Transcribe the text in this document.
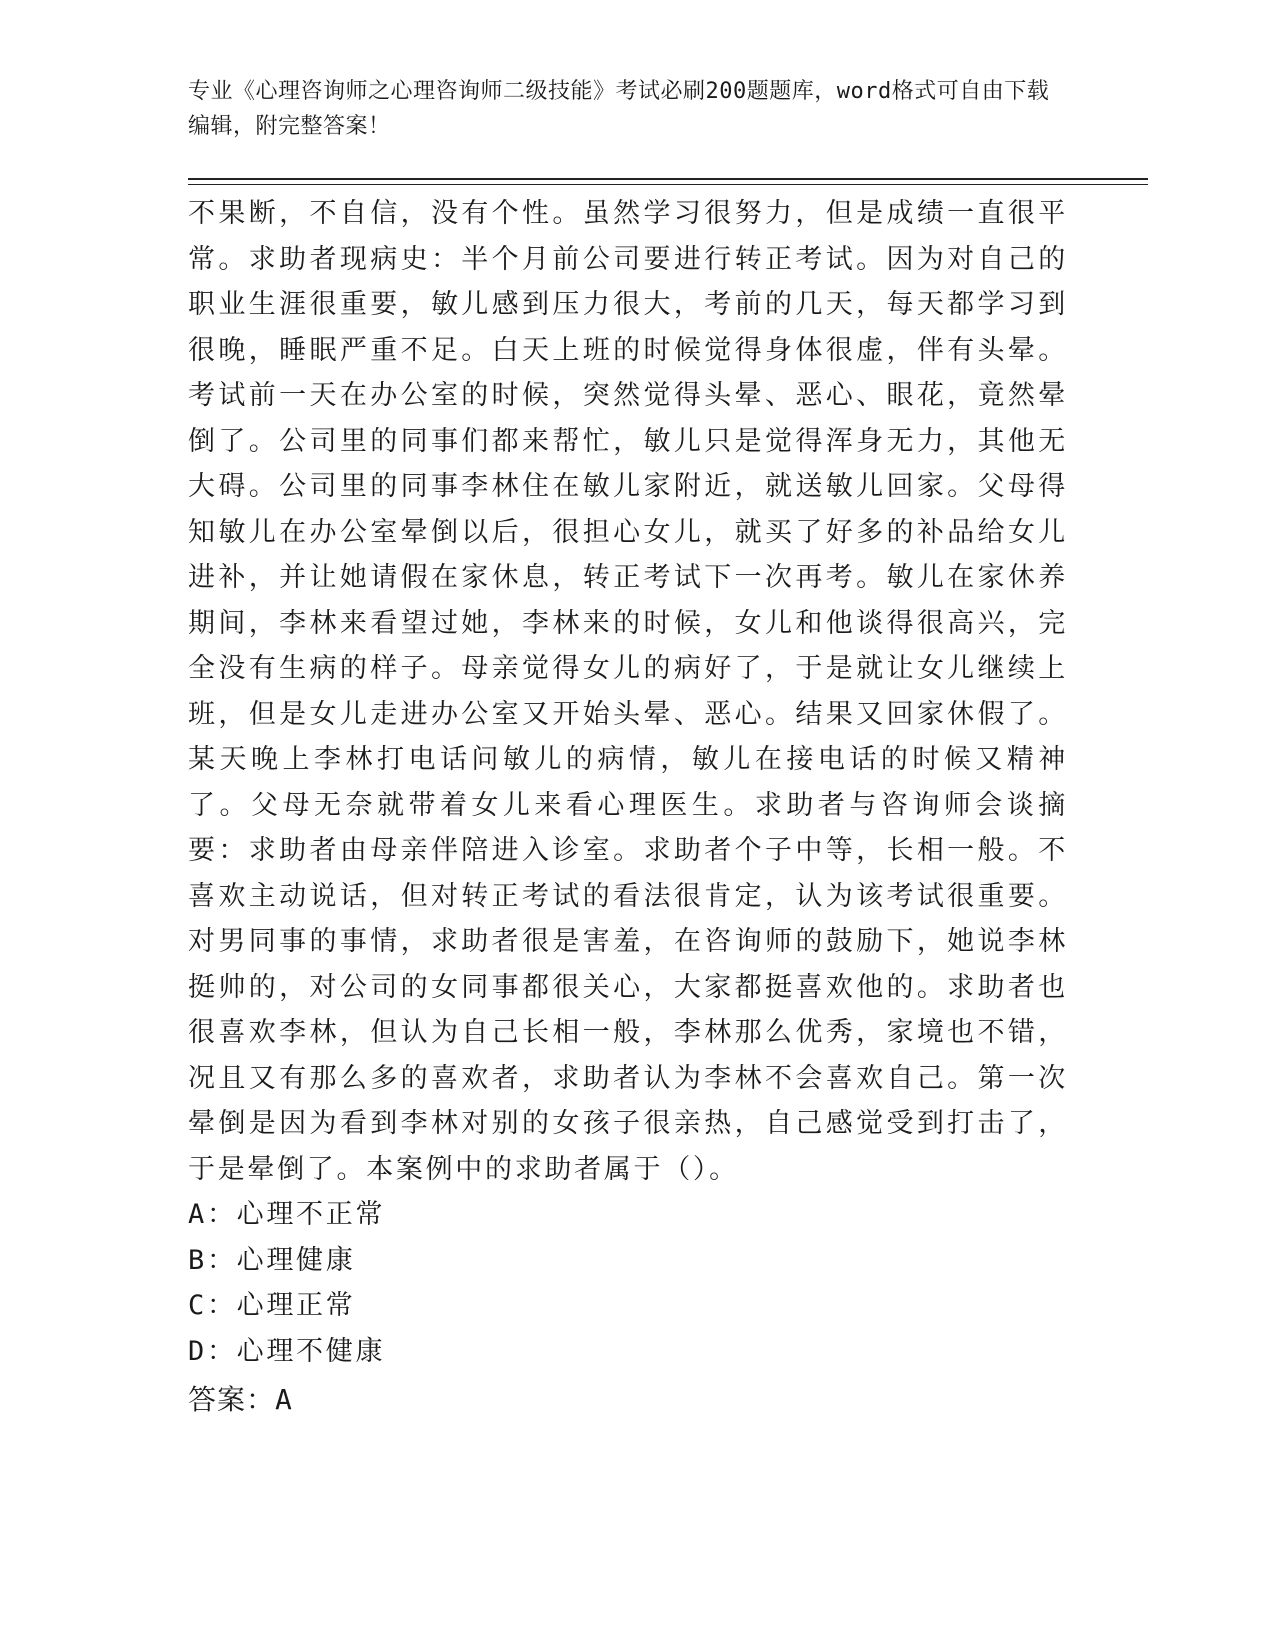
专业《心理咨询师之心理咨询师二级技能》考试必刷200题题库，word格式可自由下载编辑，附完整答案！
不果断，不自信，没有个性。虽然学习很努力，但是成绩一直很平常。求助者现病史：半个月前公司要进行转正考试。因为对自己的职业生涯很重要，敏儿感到压力很大，考前的几天，每天都学习到很晚，睡眠严重不足。白天上班的时候觉得身体很虚，伴有头晕。考试前一天在办公室的时候，突然觉得头晕、恶心、眼花，竟然晕倒了。公司里的同事们都来帮忙，敏儿只是觉得浑身无力，其他无大碍。公司里的同事李林住在敏儿家附近，就送敏儿回家。父母得知敏儿在办公室晕倒以后，很担心女儿，就买了好多的补品给女儿进补，并让她请假在家休息，转正考试下一次再考。敏儿在家休养期间，李林来看望过她，李林来的时候，女儿和他谈得很高兴，完全没有生病的样子。母亲觉得女儿的病好了，于是就让女儿继续上班，但是女儿走进办公室又开始头晕、恶心。结果又回家休假了。某天晚上李林打电话问敏儿的病情，敏儿在接电话的时候又精神了。父母无奈就带着女儿来看心理医生。求助者与咨询师会谈摘要：求助者由母亲伴陪进入诊室。求助者个子中等，长相一般。不喜欢主动说话，但对转正考试的看法很肯定，认为该考试很重要。对男同事的事情，求助者很是害羞，在咨询师的鼓励下，她说李林挺帅的，对公司的女同事都很关心，大家都挺喜欢他的。求助者也很喜欢李林，但认为自己长相一般，李林那么优秀，家境也不错，况且又有那么多的喜欢者，求助者认为李林不会喜欢自己。第一次晕倒是因为看到李林对别的女孩子很亲热，自己感觉受到打击了，于是晕倒了。本案例中的求助者属于（）。
A：心理不正常
B：心理健康
C：心理正常
D：心理不健康
答案：A
